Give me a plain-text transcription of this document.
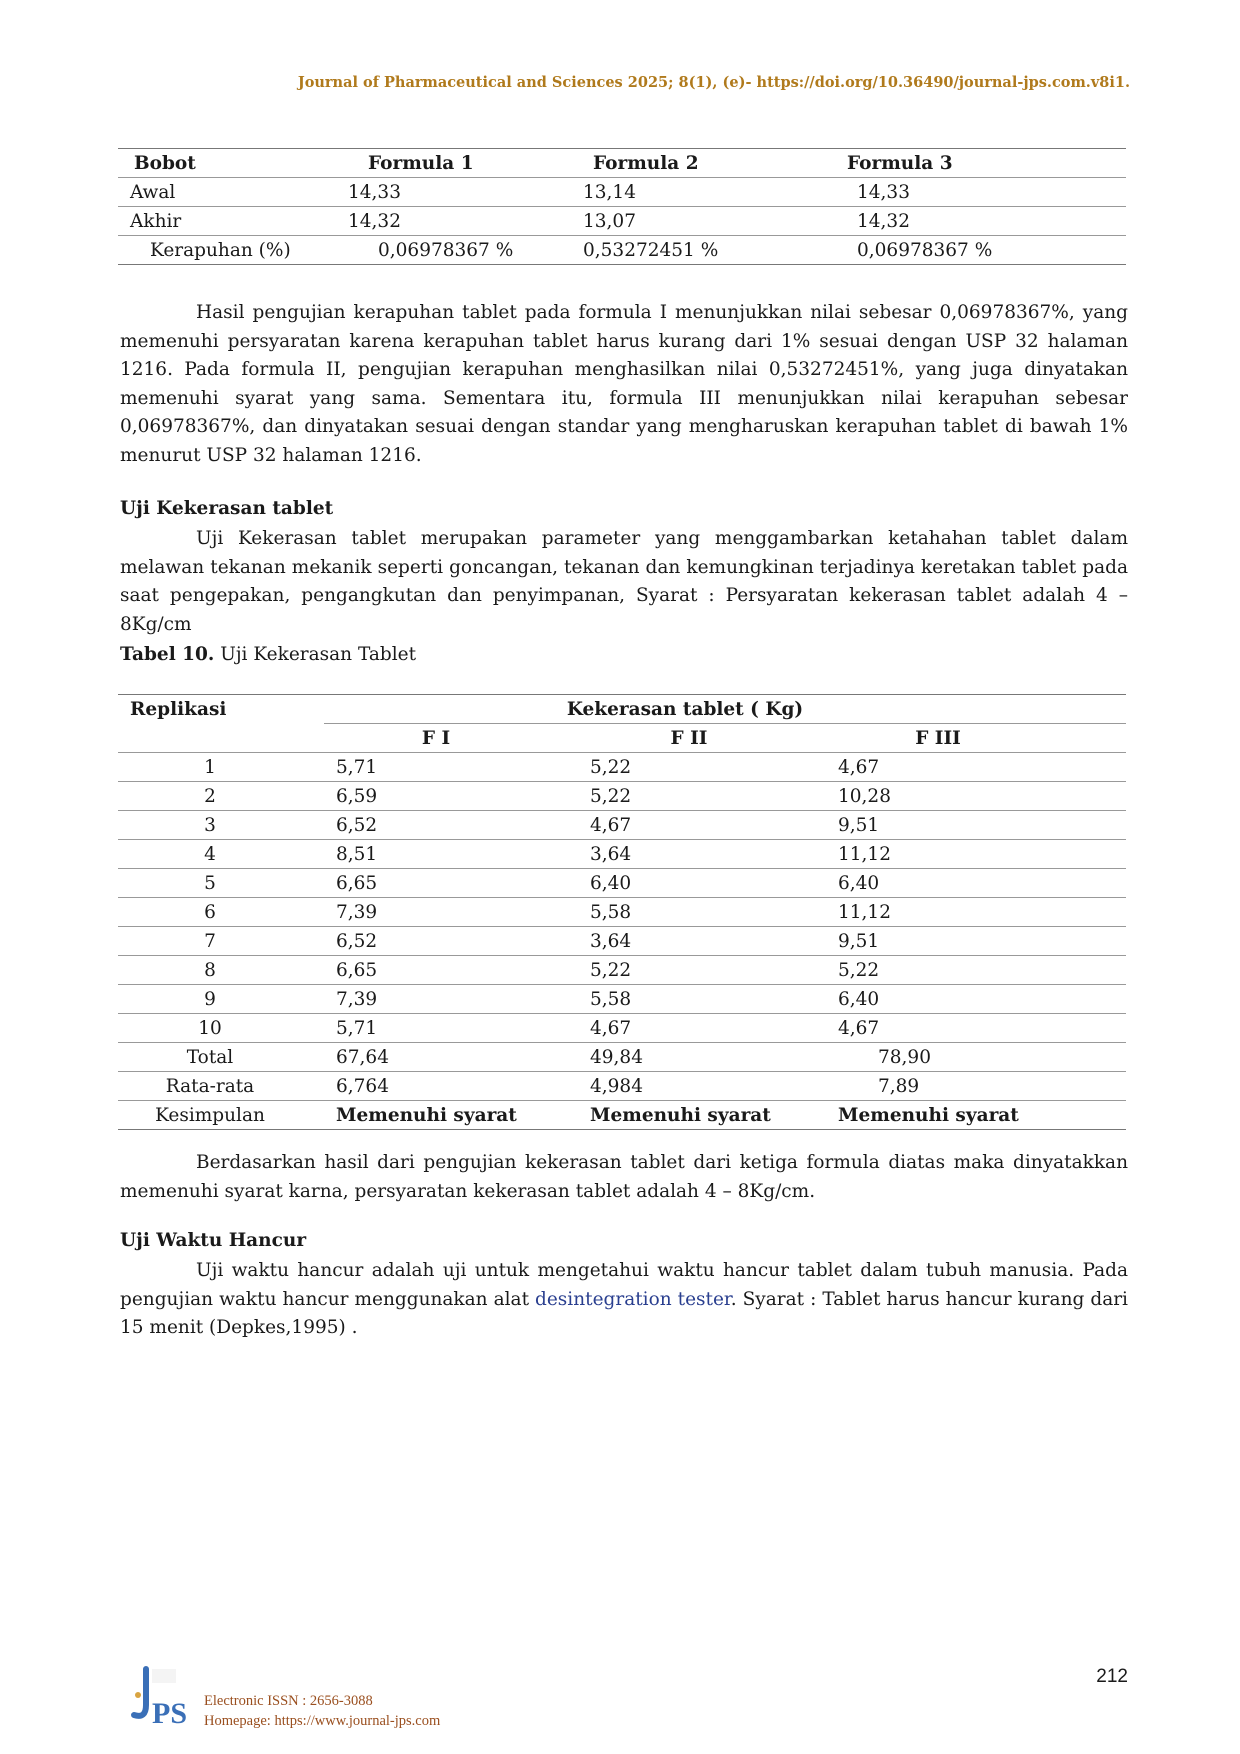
Journal of Pharmaceutical and Sciences 2025; 8(1), (e)- https://doi.org/10.36490/journal-jps.com.v8i1.
Bobot	Formula 1	Formula 2	Formula 3
Awal	14,33	13,14	14,33
Akhir	14,32	13,07	14,32
Kerapuhan (%)	0,06978367 %	0,53272451 %	0,06978367 %

Hasil pengujian kerapuhan tablet pada formula I menunjukkan nilai sebesar 0,06978367%, yang memenuhi persyaratan karena kerapuhan tablet harus kurang dari 1% sesuai dengan USP 32 halaman 1216. Pada formula II, pengujian kerapuhan menghasilkan nilai 0,53272451%, yang juga dinyatakan memenuhi syarat yang sama. Sementara itu, formula III menunjukkan nilai kerapuhan sebesar 0,06978367%, dan dinyatakan sesuai dengan standar yang mengharuskan kerapuhan tablet di bawah 1% menurut USP 32 halaman 1216.

Uji Kekerasan tablet

Uji Kekerasan tablet merupakan parameter yang menggambarkan ketahahan tablet dalam melawan tekanan mekanik seperti goncangan, tekanan dan kemungkinan terjadinya keretakan tablet pada saat pengepakan, pengangkutan dan penyimpanan, Syarat : Persyaratan kekerasan tablet adalah 4 – 8Kg/cm

Tabel 10. Uji Kekerasan Tablet

Replikasi	Kekerasan tablet ( Kg)		
	F I	F II	F III
1	5,71	5,22	4,67
2	6,59	5,22	10,28
3	6,52	4,67	9,51
4	8,51	3,64	11,12
5	6,65	6,40	6,40
6	7,39	5,58	11,12
7	6,52	3,64	9,51
8	6,65	5,22	5,22
9	7,39	5,58	6,40
10	5,71	4,67	4,67
Total	67,64	49,84	78,90
Rata-rata	6,764	4,984	7,89
Kesimpulan	Memenuhi syarat	Memenuhi syarat	Memenuhi syarat

Berdasarkan hasil dari pengujian kekerasan tablet dari ketiga formula diatas maka dinyatakkan memenuhi syarat karna, persyaratan kekerasan tablet adalah 4 – 8Kg/cm.

Uji Waktu Hancur

Uji waktu hancur adalah uji untuk mengetahui waktu hancur tablet dalam tubuh manusia. Pada pengujian waktu hancur menggunakan alat desintegration tester. Syarat : Tablet harus hancur kurang dari 15 menit (Depkes,1995) .

PS Electronic ISSN : 2656-3088
Homepage: https://www.journal-jps.com
212
